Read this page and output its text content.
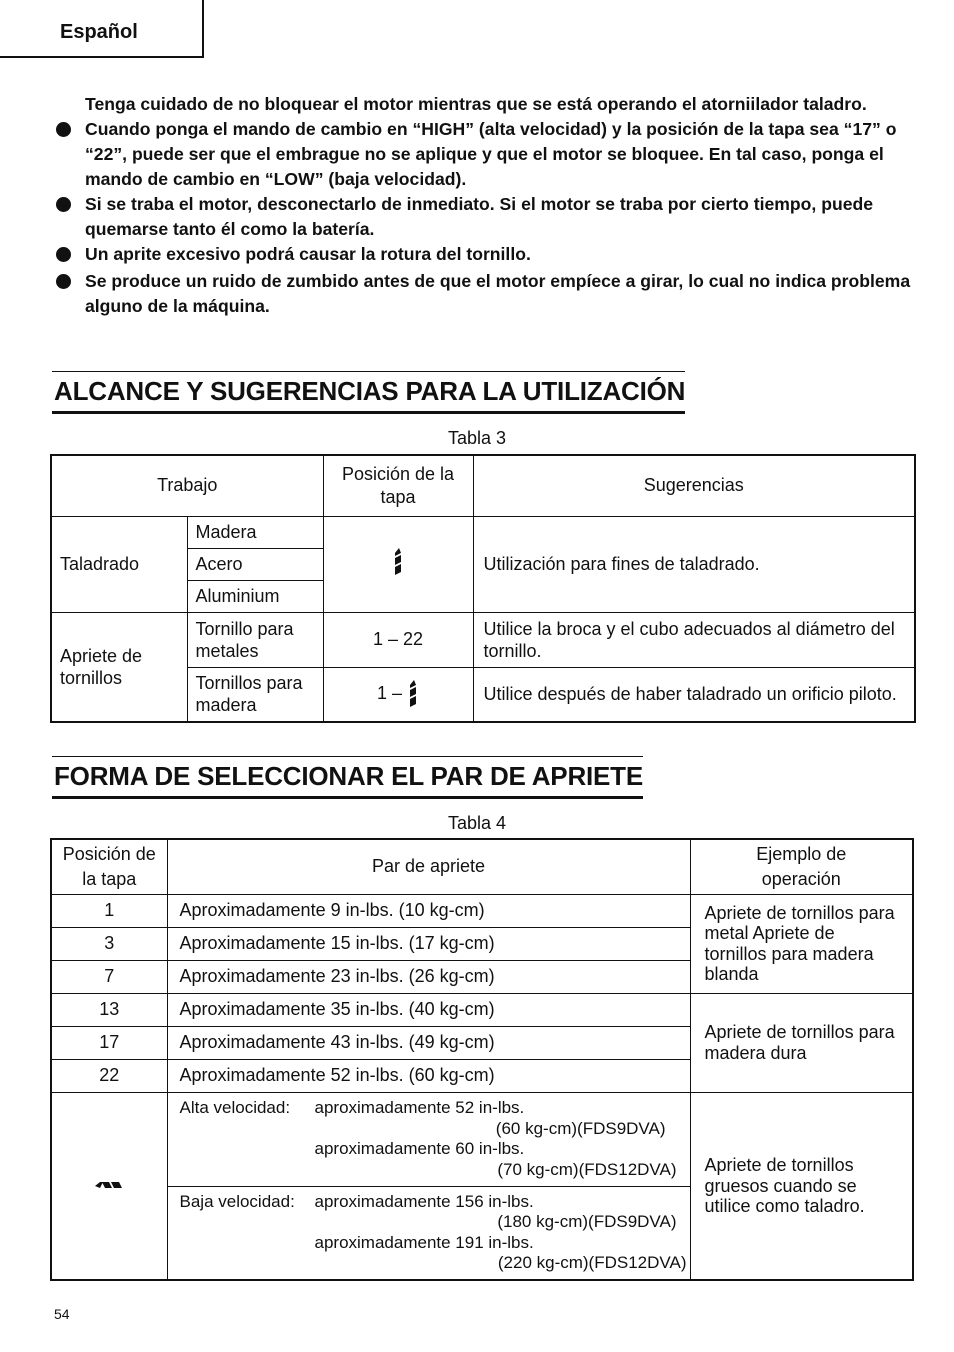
Español
Tenga cuidado de no bloquear el motor mientras que se está operando el atorniilador taladro.
Cuando ponga el mando de cambio en “HIGH” (alta velocidad) y la posición de la tapa sea “17” o “22”, puede ser que el embrague no se aplique y que el motor se bloquee. En tal caso, ponga el mando de cambio en “LOW” (baja velocidad).
Si se traba el motor, desconectarlo de inmediato. Si el motor se traba por cierto tiempo, puede quemarse tanto él como la batería.
Un aprite excesivo podrá causar la rotura del tornillo.
Se produce un ruido de zumbido antes de que el motor empíece a girar, lo cual no indica problema alguno de la máquina.
ALCANCE Y SUGERENCIAS PARA LA UTILIZACIÓN
Tabla 3
Trabajo		Posición de la tapa	Sugerencias
Taladrado	Madera		Utilización para fines de taladrado.
	Acero		
	Aluminium		
Apriete de tornillos	Tornillo para metales	1 – 22	Utilice la broca y el cubo adecuados al diámetro del tornillo.
	Tornillos para madera	1 –	Utilice después de haber taladrado un orificio piloto.
FORMA DE SELECCIONAR EL PAR DE APRIETE
Tabla 4
Posición de la tapa	Par de apriete	Ejemplo de operación
1	Aproximadamente 9 in-lbs. (10 kg-cm)	Apriete de tornillos para metal Apriete de tornillos para madera blanda
3	Aproximadamente 15 in-lbs. (17 kg-cm)	
7	Aproximadamente 23 in-lbs. (26 kg-cm)	
13	Aproximadamente 35 in-lbs. (40 kg-cm)	Apriete de tornillos para madera dura
17	Aproximadamente 43 in-lbs. (49 kg-cm)	
22	Aproximadamente 52 in-lbs. (60 kg-cm)	

Alta velocidad: aproximadamente 52 in-lbs.
(60 kg-cm)(FDS9DVA)
aproximadamente 60 in-lbs.
(70 kg-cm)(FDS12DVA)	Apriete de tornillos gruesos cuando se utilice como taladro.

	Baja velocidad: aproximadamente 156 in-lbs.
(180 kg-cm)(FDS9DVA)
aproximadamente 191 in-lbs.
(220 kg-cm)(FDS12DVA)	
54
